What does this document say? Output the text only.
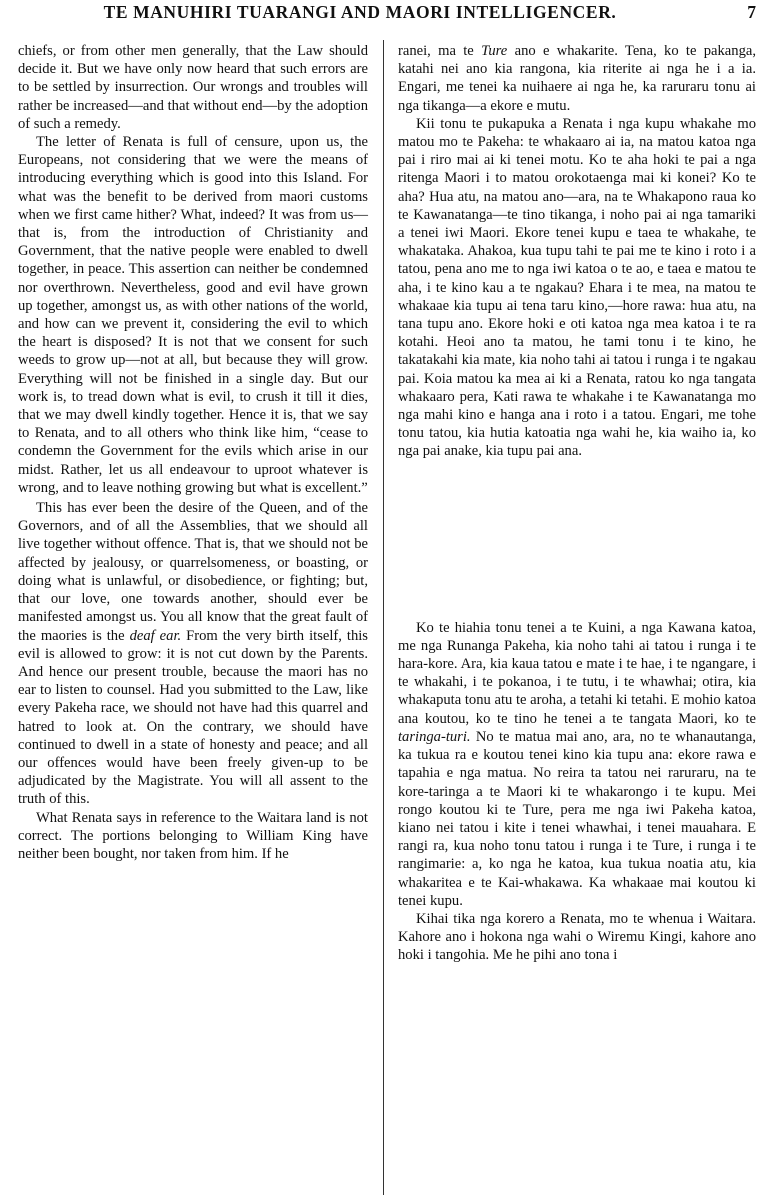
TE MANUHIRI TUARANGI AND MAORI INTELLIGENCER.	7

chiefs, or from other men generally, that the Law should decide it. But we have only now heard that such errors are to be settled by insurrection. Our wrongs and troubles will rather be increased—and that without end—by the adoption of such a remedy.

The letter of Renata is full of censure, upon us, the Europeans, not considering that we were the means of introducing everything which is good into this Island. For what was the benefit to be derived from maori customs when we first came hither? What, indeed? It was from us—that is, from the introduction of Christianity and Government, that the native people were enabled to dwell together, in peace. This assertion can neither be condemned nor overthrown. Nevertheless, good and evil have grown up together, amongst us, as with other nations of the world, and how can we prevent it, considering the evil to which the heart is disposed? It is not that we consent for such weeds to grow up—not at all, but because they will grow. Everything will not be finished in a single day. But our work is, to tread down what is evil, to crush it till it dies, that we may dwell kindly together. Hence it is, that we say to Renata, and to all others who think like him, “cease to condemn the Government for the evils which arise in our midst. Rather, let us all endeavour to uproot whatever is wrong, and to leave nothing growing but what is excellent.”

This has ever been the desire of the Queen, and of the Governors, and of all the Assemblies, that we should all live together without offence. That is, that we should not be affected by jealousy, or quarrelsomeness, or boasting, or doing what is unlawful, or disobedience, or fighting; but, that our love, one towards another, should ever be manifested amongst us. You all know that the great fault of the maories is the deaf ear. From the very birth itself, this evil is allowed to grow: it is not cut down by the Parents. And hence our present trouble, because the maori has no ear to listen to counsel. Had you submitted to the Law, like every Pakeha race, we should not have had this quarrel and hatred to look at. On the contrary, we should have continued to dwell in a state of honesty and peace; and all our offences would have been freely given-up to be adjudicated by the Magistrate. You will all assent to the truth of this.

What Renata says in reference to the Waitara land is not correct. The portions belonging to William King have neither been bought, nor taken from him. If he

ranei, ma te Ture ano e whakarite. Tena, ko te pakanga, katahi nei ano kia rangona, kia riterite ai nga he i a ia. Engari, me tenei ka nuihaere ai nga he, ka raruraru tonu ai nga tikanga—a ekore e mutu.

Kii tonu te pukapuka a Renata i nga kupu whakahe mo matou mo te Pakeha: te whakaaro ai ia, na matou katoa nga pai i riro mai ai ki tenei motu. Ko te aha hoki te pai a nga ritenga Maori i to matou orokotaenga mai ki konei? Ko te aha? Hua atu, na matou ano—ara, na te Whakapono raua ko te Kawanatanga—te tino tikanga, i noho pai ai nga tamariki a tenei iwi Maori. Ekore tenei kupu e taea te whakahe, te whakataka. Ahakoa, kua tupu tahi te pai me te kino i roto i a tatou, pena ano me to nga iwi katoa o te ao, e taea e matou te aha, i te kino kau a te ngakau? Ehara i te mea, na matou te whakaae kia tupu ai tena taru kino,—hore rawa: hua atu, na tana tupu ano. Ekore hoki e oti katoa nga mea katoa i te ra kotahi. Heoi ano ta matou, he tami tonu i te kino, he takatakahi kia mate, kia noho tahi ai tatou i runga i te ngakau pai. Koia matou ka mea ai ki a Renata, ratou ko nga tangata whakaaro pera, Kati rawa te whakahe i te Kawanatanga mo nga mahi kino e hanga ana i roto i a tatou. Engari, me tohe tonu tatou, kia hutia katoatia nga wahi he, kia waiho ia, ko nga pai anake, kia tupu pai ana.

Ko te hiahia tonu tenei a te Kuini, a nga Kawana katoa, me nga Runanga Pakeha, kia noho tahi ai tatou i runga i te hara-kore. Ara, kia kaua tatou e mate i te hae, i te ngangare, i te whakahi, i te pokanoa, i te tutu, i te whawhai; otira, kia whakaputa tonu atu te aroha, a tetahi ki tetahi. E mohio katoa ana koutou, ko te tino he tenei a te tangata Maori, ko te taringa-turi. No te matua mai ano, ara, no te whanautanga, ka tukua ra e koutou tenei kino kia tupu ana: ekore rawa e tapahia e nga matua. No reira ta tatou nei raruraru, na te kore-taringa a te Maori ki te whakarongo i te kupu. Mei rongo koutou ki te Ture, pera me nga iwi Pakeha katoa, kiano nei tatou i kite i tenei whawhai, i tenei mauahara. E rangi ra, kua noho tonu tatou i runga i te Ture, i runga i te rangimarie: a, ko nga he katoa, kua tukua noatia atu, kia whakaritea e te Kai-whakawa. Ka whakaae mai koutou ki tenei kupu.

Kihai tika nga korero a Renata, mo te whenua i Waitara. Kahore ano i hokona nga wahi o Wiremu Kingi, kahore ano hoki i tangohia. Me he pihi ano tona i
